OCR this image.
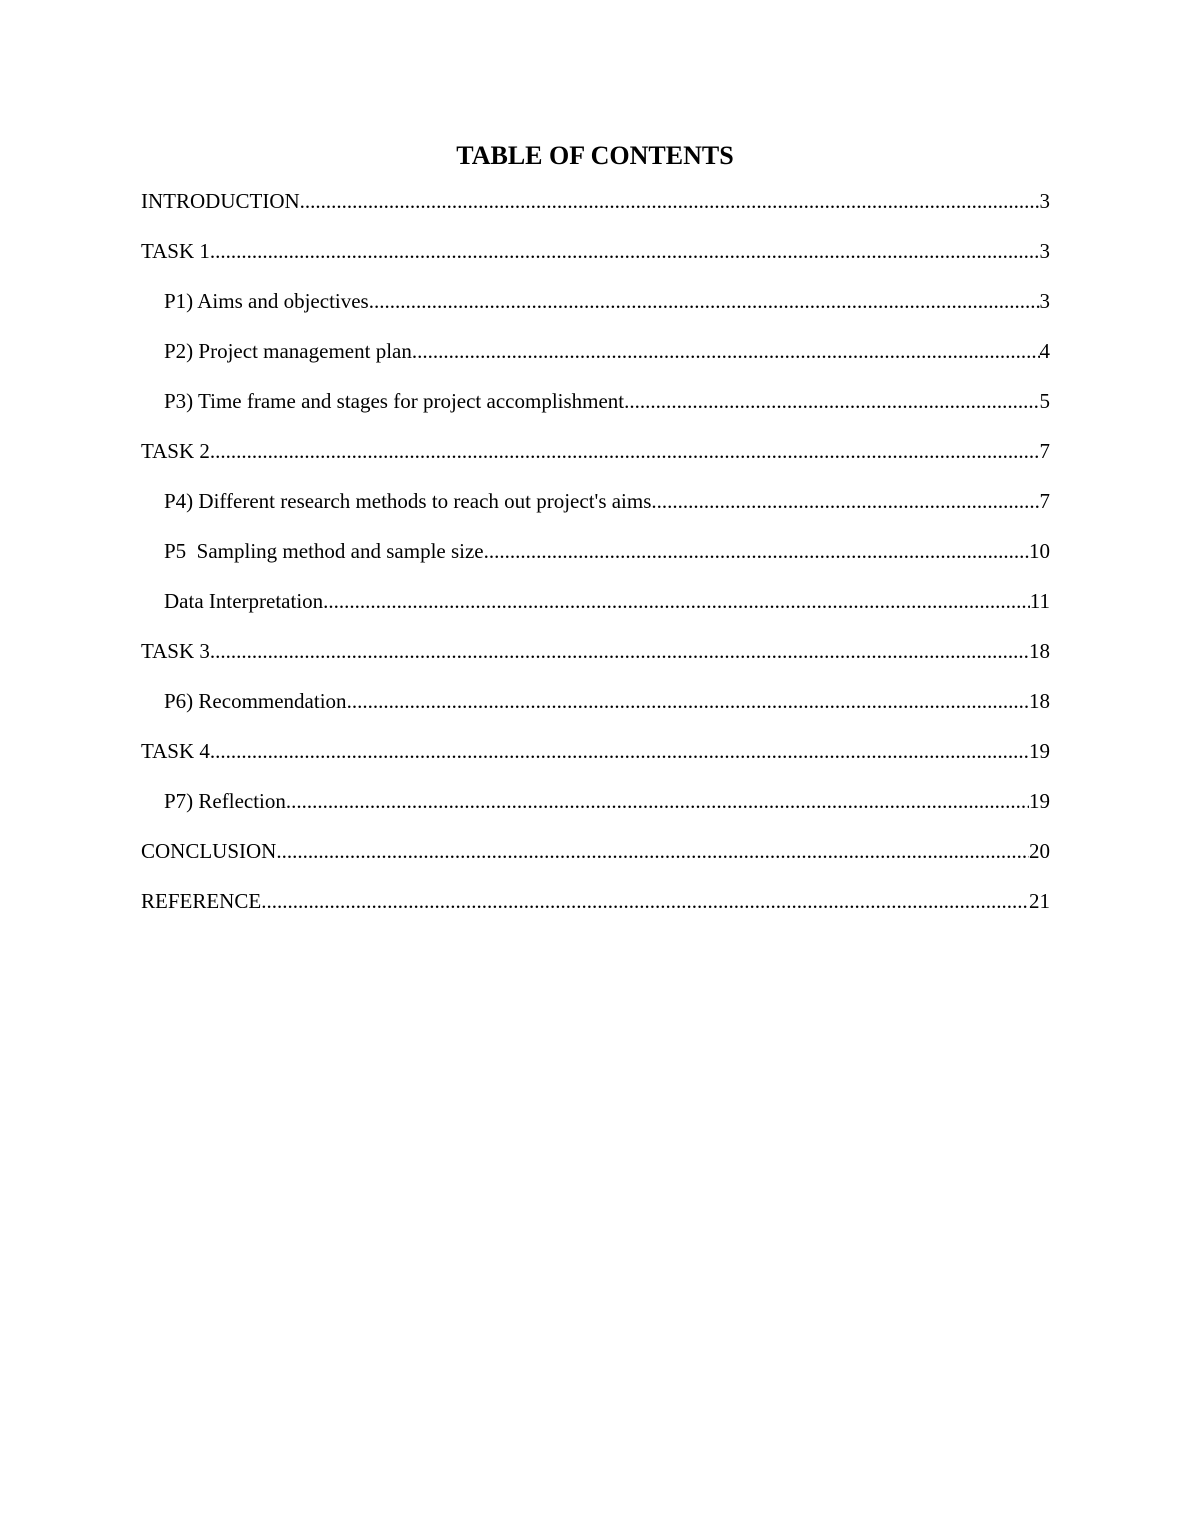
TABLE OF CONTENTS
INTRODUCTION .....	3
TASK 1 .....	3
P1) Aims and objectives .....	3
P2) Project management plan .....	4
P3) Time frame and stages for project accomplishment .....	5
TASK 2 .....	7
P4) Different research methods to reach out project's aims .....	7
P5  Sampling method and sample size .....	10
Data Interpretation .....	11
TASK 3 .....	18
P6) Recommendation .....	18
TASK 4 .....	19
P7) Reflection .....	19
CONCLUSION .....	20
REFERENCE .....	21
